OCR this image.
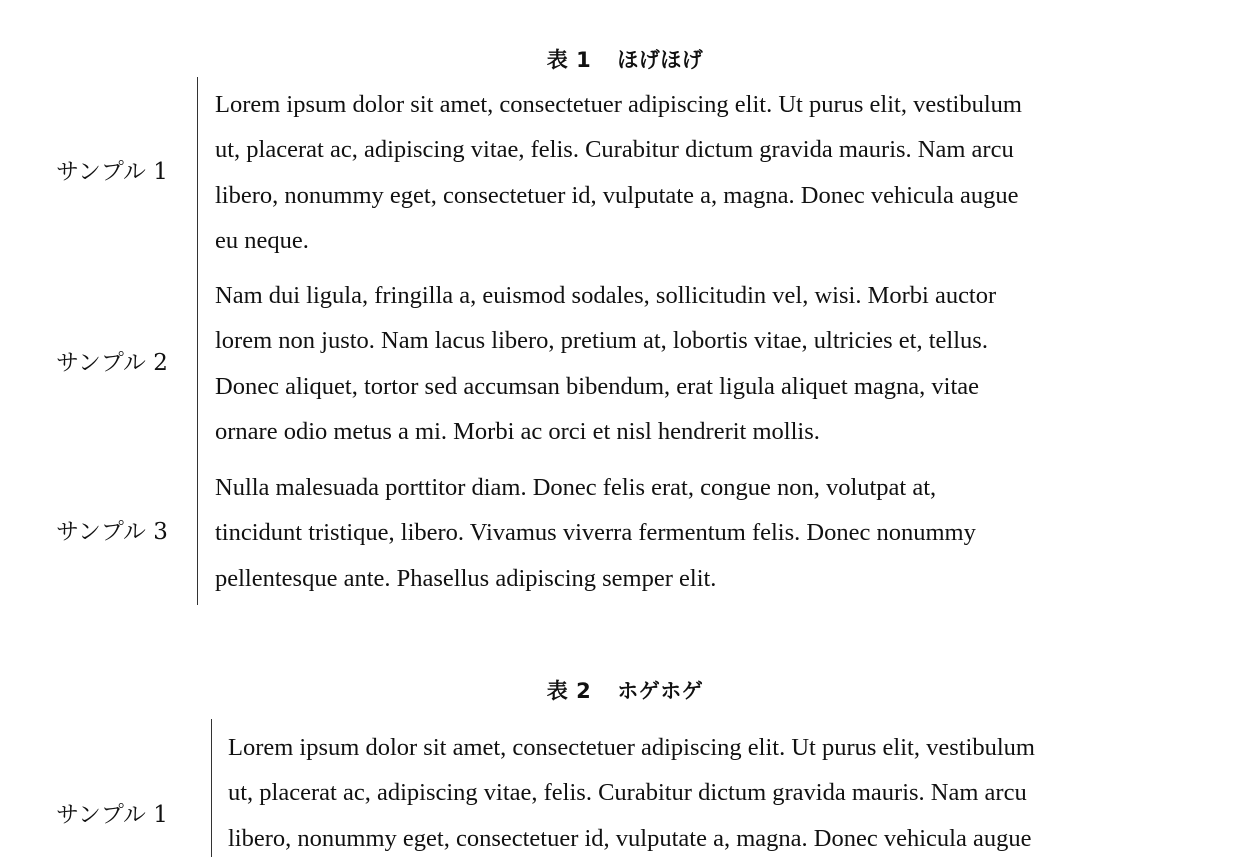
表 1 ほげほげ
サンプル 1
Lorem ipsum dolor sit amet, consectetuer adipiscing elit. Ut purus elit, vestibulum
ut, placerat ac, adipiscing vitae, felis. Curabitur dictum gravida mauris. Nam arcu
libero, nonummy eget, consectetuer id, vulputate a, magna. Donec vehicula augue
eu neque.
サンプル 2
Nam dui ligula, fringilla a, euismod sodales, sollicitudin vel, wisi. Morbi auctor
lorem non justo. Nam lacus libero, pretium at, lobortis vitae, ultricies et, tellus.
Donec aliquet, tortor sed accumsan bibendum, erat ligula aliquet magna, vitae
ornare odio metus a mi. Morbi ac orci et nisl hendrerit mollis.
サンプル 3
Nulla malesuada porttitor diam. Donec felis erat, congue non, volutpat at,
tincidunt tristique, libero. Vivamus viverra fermentum felis. Donec nonummy
pellentesque ante. Phasellus adipiscing semper elit.
表 2 ホゲホゲ
サンプル 1
Lorem ipsum dolor sit amet, consectetuer adipiscing elit. Ut purus elit, vestibulum
ut, placerat ac, adipiscing vitae, felis. Curabitur dictum gravida mauris. Nam arcu
libero, nonummy eget, consectetuer id, vulputate a, magna. Donec vehicula augue
